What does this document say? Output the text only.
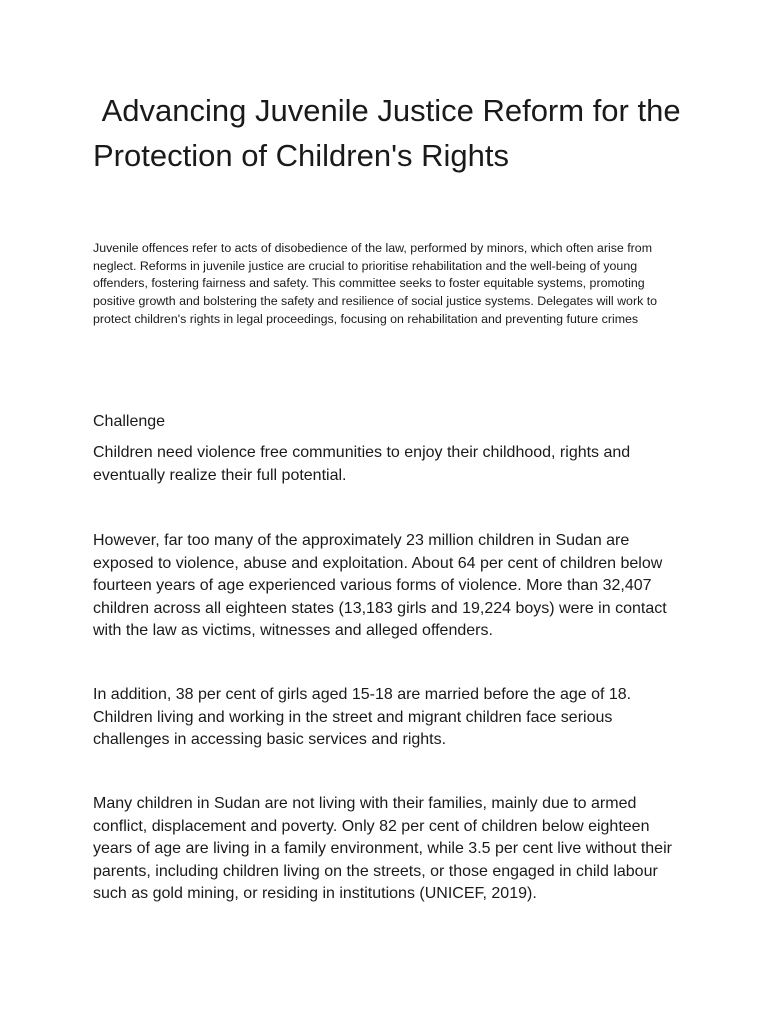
Advancing Juvenile Justice Reform for the Protection of Children's Rights

Juvenile offences refer to acts of disobedience of the law, performed by minors, which often arise from neglect. Reforms in juvenile justice are crucial to prioritise rehabilitation and the well-being of young offenders, fostering fairness and safety. This committee seeks to foster equitable systems, promoting positive growth and bolstering the safety and resilience of social justice systems. Delegates will work to protect children's rights in legal proceedings, focusing on rehabilitation and preventing future crimes

Challenge

Children need violence free communities to enjoy their childhood, rights and eventually realize their full potential.

However, far too many of the approximately 23 million children in Sudan are exposed to violence, abuse and exploitation. About 64 per cent of children below fourteen years of age experienced various forms of violence. More than 32,407 children across all eighteen states (13,183 girls and 19,224 boys) were in contact with the law as victims, witnesses and alleged offenders.

In addition, 38 per cent of girls aged 15-18 are married before the age of 18. Children living and working in the street and migrant children face serious challenges in accessing basic services and rights.

Many children in Sudan are not living with their families, mainly due to armed conflict, displacement and poverty. Only 82 per cent of children below eighteen years of age are living in a family environment, while 3.5 per cent live without their parents, including children living on the streets, or those engaged in child labour such as gold mining, or residing in institutions (UNICEF, 2019).
